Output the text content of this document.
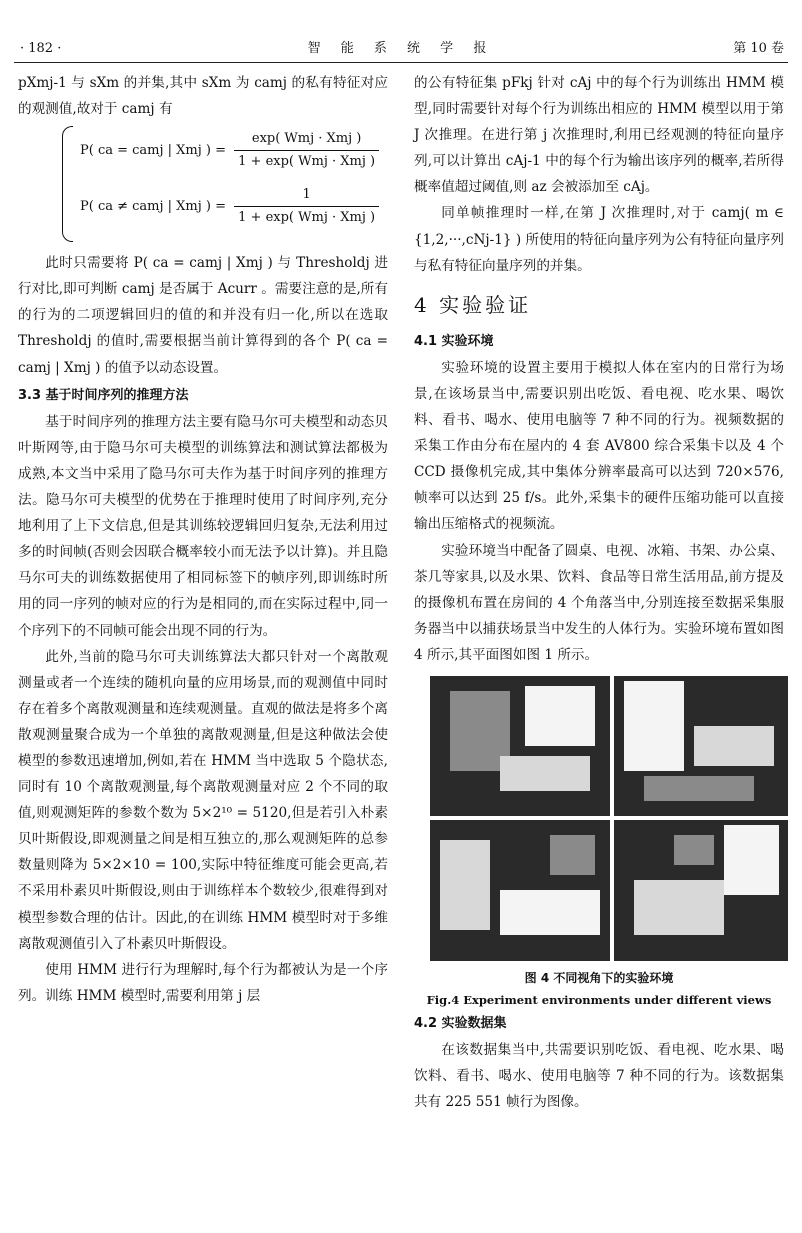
· 182 ·	智 能 系 统 学 报	第 10 卷

pXmj-1 与 sXm 的并集,其中 sXm 为 camj 的私有特征对应的观测值,故对于 camj 有

P( ca = camj | Xmj ) = $\frac{\text{exp( Wmj · Xmj )}}{\text{1 + exp( Wmj · Xmj )}}$
P( ca ≠ camj | Xmj ) = $\frac{1}{\text{1 + exp( Wmj · Xmj )}}$

此时只需要将 P( ca = camj | Xmj ) 与 Thresholdj 进行对比,即可判断 camj 是否属于 Acurr 。需要注意的是,所有的行为的二项逻辑回归的值的和并没有归一化,所以在选取 Thresholdj 的值时,需要根据当前计算得到的各个 P( ca = camj | Xmj ) 的值予以动态设置。

3.3 基于时间序列的推理方法

基于时间序列的推理方法主要有隐马尔可夫模型和动态贝叶斯网等,由于隐马尔可夫模型的训练算法和测试算法都极为成熟,本文当中采用了隐马尔可夫作为基于时间序列的推理方法。隐马尔可夫模型的优势在于推理时使用了时间序列,充分地利用了上下文信息,但是其训练较逻辑回归复杂,无法利用过多的时间帧(否则会因联合概率较小而无法予以计算)。并且隐马尔可夫的训练数据使用了相同标签下的帧序列,即训练时所用的同一序列的帧对应的行为是相同的,而在实际过程中,同一个序列下的不同帧可能会出现不同的行为。

此外,当前的隐马尔可夫训练算法大都只针对一个离散观测量或者一个连续的随机向量的应用场景,而的观测值中同时存在着多个离散观测量和连续观测量。直观的做法是将多个离散观测量聚合成为一个单独的离散观测量,但是这种做法会使模型的参数迅速增加,例如,若在 HMM 当中选取 5 个隐状态,同时有 10 个离散观测量,每个离散观测量对应 2 个不同的取值,则观测矩阵的参数个数为 5×2¹⁰ = 5120,但是若引入朴素贝叶斯假设,即观测量之间是相互独立的,那么观测矩阵的总参数量则降为 5×2×10 = 100,实际中特征维度可能会更高,若不采用朴素贝叶斯假设,则由于训练样本个数较少,很难得到对模型参数合理的估计。因此,的在训练 HMM 模型时对于多维离散观测值引入了朴素贝叶斯假设。

使用 HMM 进行行为理解时,每个行为都被认为是一个序列。训练 HMM 模型时,需要利用第 j 层

的公有特征集 pFkj 针对 cAj 中的每个行为训练出 HMM 模型,同时需要针对每个行为训练出相应的 HMM 模型以用于第 J 次推理。在进行第 j 次推理时,利用已经观测的特征向量序列,可以计算出 cAj-1 中的每个行为输出该序列的概率,若所得概率值超过阈值,则 az 会被添加至 cAj。

同单帧推理时一样,在第 J 次推理时,对于 camj( m ∈ {1,2,···,cNj-1} ) 所使用的特征向量序列为公有特征向量序列与私有特征向量序列的并集。

4 实验验证

4.1 实验环境

实验环境的设置主要用于模拟人体在室内的日常行为场景,在该场景当中,需要识别出吃饭、看电视、吃水果、喝饮料、看书、喝水、使用电脑等 7 种不同的行为。视频数据的采集工作由分布在屋内的 4 套 AV800 综合采集卡以及 4 个 CCD 摄像机完成,其中集体分辨率最高可以达到 720×576,帧率可以达到 25 f/s。此外,采集卡的硬件压缩功能可以直接输出压缩格式的视频流。

实验环境当中配备了圆桌、电视、冰箱、书架、办公桌、茶几等家具,以及水果、饮料、食品等日常生活用品,前方提及的摄像机布置在房间的 4 个角落当中,分别连接至数据采集服务器当中以捕获场景当中发生的人体行为。实验环境布置如图 4 所示,其平面图如图 1 所示。

图 4 不同视角下的实验环境

Fig.4 Experiment environments under different views

4.2 实验数据集

在该数据集当中,共需要识别吃饭、看电视、吃水果、喝饮料、看书、喝水、使用电脑等 7 种不同的行为。该数据集共有 225 551 帧行为图像。
